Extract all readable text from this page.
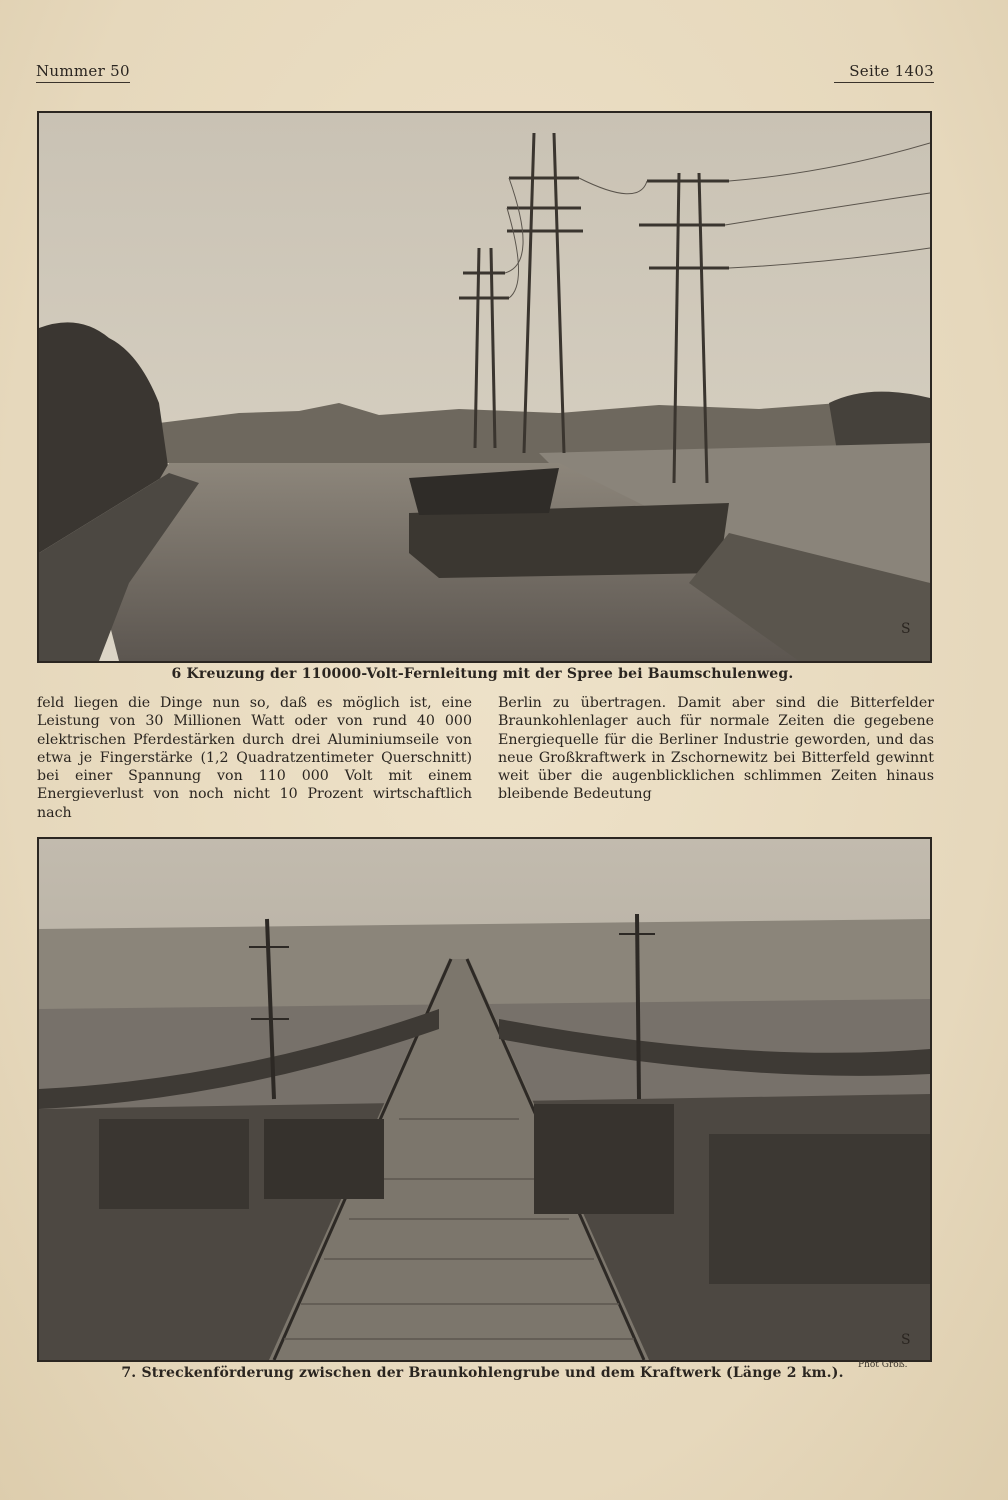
Nummer 50	Seite 1403
S
6 Kreuzung der 110000-Volt-Fernleitung mit der Spree bei Baumschulenweg.

feld liegen die Dinge nun so, daß es möglich ist, eine Leistung von 30 Millionen Watt oder von rund 40 000 elektrischen Pferdestärken durch drei Aluminiumseile von etwa je Fingerstärke (1,2 Quadratzentimeter Querschnitt) bei einer Spannung von 110 000 Volt mit einem Energieverlust von noch nicht 10 Prozent wirtschaftlich nach

Berlin zu übertragen. Damit aber sind die Bitterfelder Braunkohlenlager auch für normale Zeiten die gegebene Energiequelle für die Berliner Industrie geworden, und das neue Großkraftwerk in Zschornewitz bei Bitterfeld gewinnt weit über die augenblicklichen schlimmen Zeiten hinaus bleibende Bedeutung

S
Phot Groß.
7. Streckenförderung zwischen der Braunkohlengrube und dem Kraftwerk (Länge 2 km.).
